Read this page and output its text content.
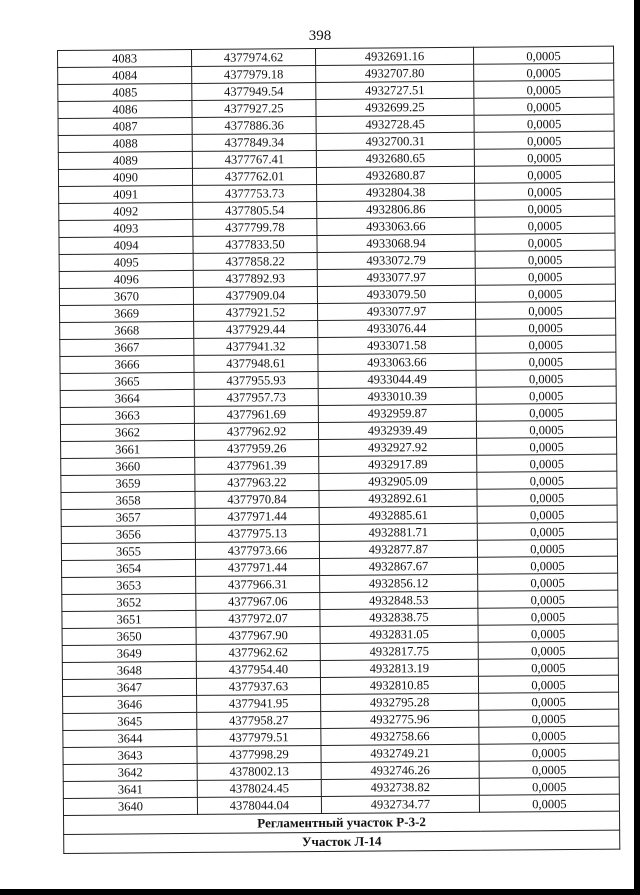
398
4083	4377974.62	4932691.16	0,0005
4084	4377979.18	4932707.80	0,0005
4085	4377949.54	4932727.51	0,0005
4086	4377927.25	4932699.25	0,0005
4087	4377886.36	4932728.45	0,0005
4088	4377849.34	4932700.31	0,0005
4089	4377767.41	4932680.65	0,0005
4090	4377762.01	4932680.87	0,0005
4091	4377753.73	4932804.38	0,0005
4092	4377805.54	4932806.86	0,0005
4093	4377799.78	4933063.66	0,0005
4094	4377833.50	4933068.94	0,0005
4095	4377858.22	4933072.79	0,0005
4096	4377892.93	4933077.97	0,0005
3670	4377909.04	4933079.50	0,0005
3669	4377921.52	4933077.97	0,0005
3668	4377929.44	4933076.44	0,0005
3667	4377941.32	4933071.58	0,0005
3666	4377948.61	4933063.66	0,0005
3665	4377955.93	4933044.49	0,0005
3664	4377957.73	4933010.39	0,0005
3663	4377961.69	4932959.87	0,0005
3662	4377962.92	4932939.49	0,0005
3661	4377959.26	4932927.92	0,0005
3660	4377961.39	4932917.89	0,0005
3659	4377963.22	4932905.09	0,0005
3658	4377970.84	4932892.61	0,0005
3657	4377971.44	4932885.61	0,0005
3656	4377975.13	4932881.71	0,0005
3655	4377973.66	4932877.87	0,0005
3654	4377971.44	4932867.67	0,0005
3653	4377966.31	4932856.12	0,0005
3652	4377967.06	4932848.53	0,0005
3651	4377972.07	4932838.75	0,0005
3650	4377967.90	4932831.05	0,0005
3649	4377962.62	4932817.75	0,0005
3648	4377954.40	4932813.19	0,0005
3647	4377937.63	4932810.85	0,0005
3646	4377941.95	4932795.28	0,0005
3645	4377958.27	4932775.96	0,0005
3644	4377979.51	4932758.66	0,0005
3643	4377998.29	4932749.21	0,0005
3642	4378002.13	4932746.26	0,0005
3641	4378024.45	4932738.82	0,0005
3640	4378044.04	4932734.77	0,0005
Регламентный участок Р-3-2			
Участок Л-14			
